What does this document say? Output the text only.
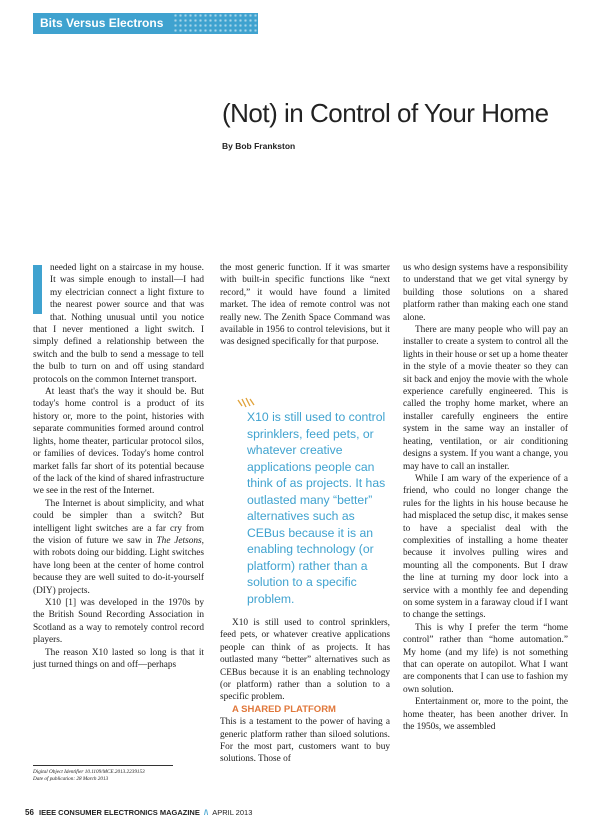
Bits Versus Electrons
(Not) in Control of Your Home
By Bob Frankston

needed light on a staircase in my house. It was simple enough to install—I had my electrician connect a light fixture to the nearest power source and that was that. Nothing unusual until you notice that I never mentioned a light switch. I simply defined a relationship between the switch and the bulb to send a message to tell the bulb to turn on and off using standard protocols on the common Internet transport.

At least that's the way it should be. But today's home control is a product of its history or, more to the point, histories with separate communities formed around control lights, home theater, particular protocol silos, or families of devices. Today's home control market falls far short of its potential because of the lack of the kind of shared infrastructure we see in the rest of the Internet.

The Internet is about simplicity, and what could be simpler than a switch? But intelligent light switches are a far cry from the vision of future we saw in The Jetsons, with robots doing our bidding. Light switches have long been at the center of home control because they are well suited to do-it-yourself (DIY) projects.

X10 [1] was developed in the 1970s by the British Sound Recording Association in Scotland as a way to remotely control record players.

The reason X10 lasted so long is that it just turned things on and off—perhaps

the most generic function. If it was smarter with built-in specific functions like “next record,” it would have found a limited market. The idea of remote control was not really new. The Zenith Space Command was available in 1956 to control televisions, but it was designed specifically for that purpose.

X10 is still used to control sprinklers, feed pets, or whatever creative applications people can think of as projects. It has outlasted many “better” alternatives such as CEBus because it is an enabling technology (or platform) rather than a solution to a specific problem.

X10 is still used to control sprinklers, feed pets, or whatever creative applications people can think of as projects. It has outlasted many “better” alternatives such as CEBus because it is an enabling technology (or platform) rather than a solution to a specific problem.

A SHARED PLATFORM

This is a testament to the power of having a generic platform rather than siloed solutions. For the most part, customers want to buy solutions. Those of

us who design systems have a responsibility to understand that we get vital synergy by building those solutions on a shared platform rather than making each one stand alone.

There are many people who will pay an installer to create a system to control all the lights in their house or set up a home theater in the style of a movie theater so they can sit back and enjoy the movie with the whole experience carefully engineered. This is called the trophy home market, where an installer carefully engineers the entire system in the same way an installer of heating, ventilation, or air conditioning designs a system. If you want a change, you may have to call an installer.

While I am wary of the experience of a friend, who could no longer change the rules for the lights in his house because he had misplaced the setup disc, it makes sense to have a specialist deal with the complexities of installing a home theater because it involves pulling wires and mounting all the components. But I draw the line at turning my door lock into a service with a monthly fee and depending on some system in a faraway cloud if I want to change the settings.

This is why I prefer the term “home control” rather than “home automation.” My home (and my life) is not something that can operate on autopilot. What I want are components that I can use to fashion my own solution.

Entertainment or, more to the point, the home theater, has been another driver. In the 1950s, we assembled

Digital Object Identifier 10.1109/MCE.2013.2239153
Date of publication: 28 March 2013
56 IEEE CONSUMER ELECTRONICS MAGAZINE /\ APRIL 2013
